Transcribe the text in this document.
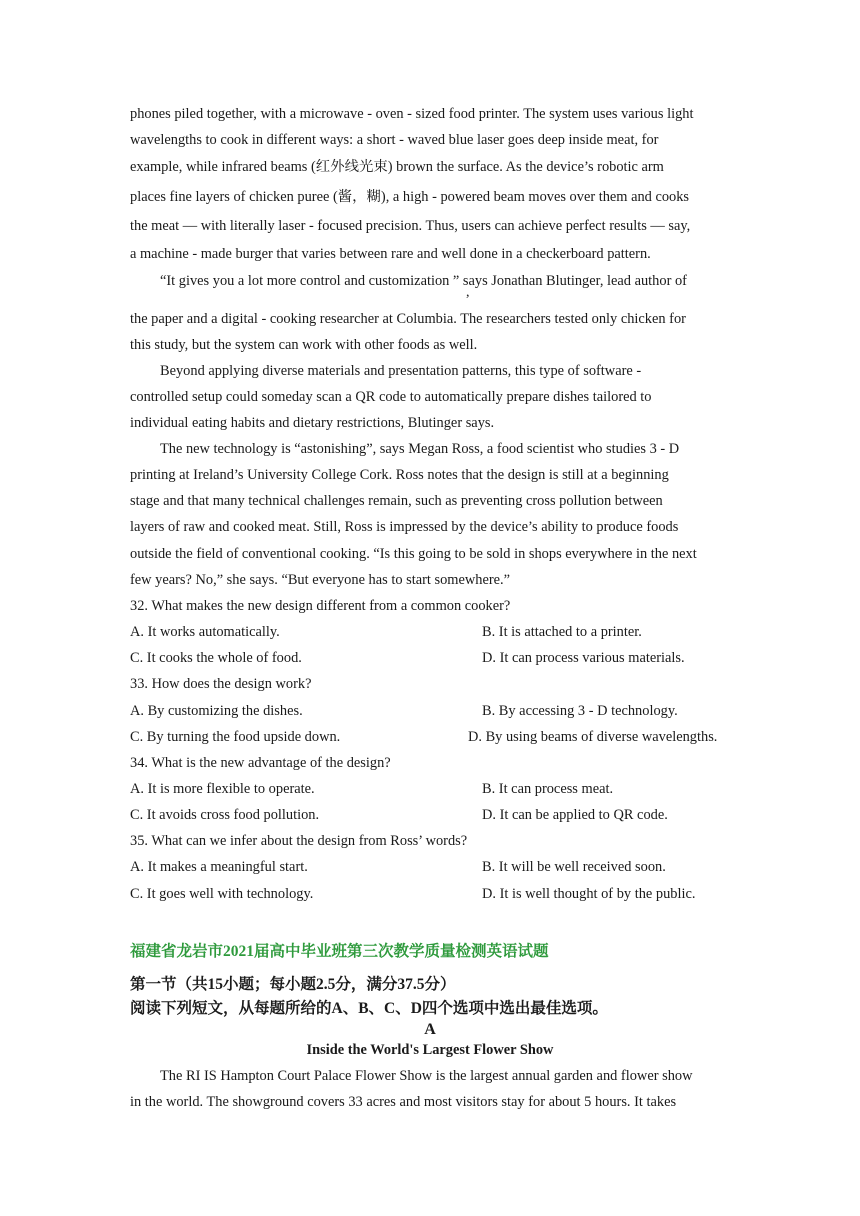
phones piled together, with a microwave - oven - sized food printer. The system uses various light
wavelengths to cook in different ways: a short - waved blue laser goes deep inside meat, for
example, while infrared beams (红外线光束) brown the surface. As the device’s robotic arm
places fine layers of chicken puree (酱，糊), a high - powered beam moves over them and cooks
the meat — with literally laser - focused precision. Thus, users can achieve perfect results — say,
a machine - made burger that varies between rare and well done in a checkerboard pattern.
“It gives you a lot more control and customization ” says Jonathan Blutinger, lead author of
,
the paper and a digital - cooking researcher at Columbia. The researchers tested only chicken for
this study, but the system can work with other foods as well.
Beyond applying diverse materials and presentation patterns, this type of software -
controlled setup could someday scan a QR code to automatically prepare dishes tailored to
individual eating habits and dietary restrictions, Blutinger says.
The new technology is “astonishing”, says Megan Ross, a food scientist who studies 3 - D
printing at Ireland’s University College Cork. Ross notes that the design is still at a beginning
stage and that many technical challenges remain, such as preventing cross pollution between
layers of raw and cooked meat. Still, Ross is impressed by the device’s ability to produce foods
outside the field of conventional cooking. “Is this going to be sold in shops everywhere in the next
few years? No,” she says. “But everyone has to start somewhere.”
32. What makes the new design different from a common cooker?
A. It works automatically.	B. It is attached to a printer.
C. It cooks the whole of food.	D. It can process various materials.
33. How does the design work?
A. By customizing the dishes.	B. By accessing 3 - D technology.
C. By turning the food upside down.	D. By using beams of diverse wavelengths.
34. What is the new advantage of the design?
A. It is more flexible to operate.	B. It can process meat.
C. It avoids cross food pollution.	D. It can be applied to QR code.
35. What can we infer about the design from Ross’ words?
A. It makes a meaningful start.	B. It will be well received soon.
C. It goes well with technology.	D. It is well thought of by the public.
福建省龙岩市2021届高中毕业班第三次教学质量检测英语试题
第一节（共15小题；每小题2.5分，满分37.5分）
阅读下列短文，从每题所给的A、B、C、D四个选项中选出最佳选项。
A
Inside the World's Largest Flower Show
The RI IS Hampton Court Palace Flower Show is the largest annual garden and flower show
in the world. The showground covers 33 acres and most visitors stay for about 5 hours. It takes
